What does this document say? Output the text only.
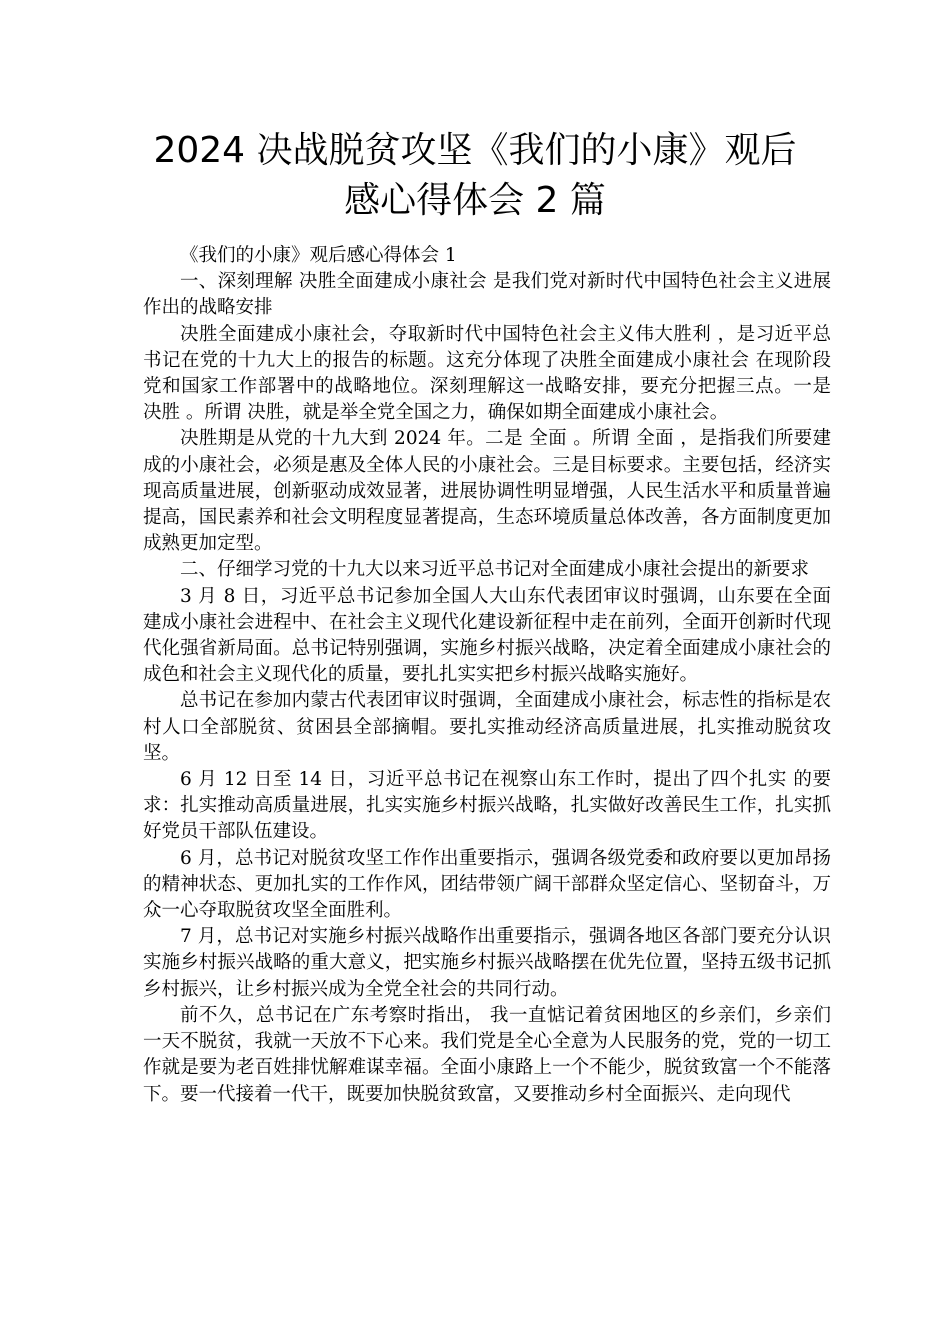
2024 决战脱贫攻坚《我们的小康》观后
感心得体会 2 篇

《我们的小康》观后感心得体会 1

一、深刻理解 决胜全面建成小康社会 是我们党对新时代中国特色社会主义进展作出的战略安排

决胜全面建成小康社会，夺取新时代中国特色社会主义伟大胜利 ，是习近平总书记在党的十九大上的报告的标题。这充分体现了决胜全面建成小康社会 在现阶段党和国家工作部署中的战略地位。深刻理解这一战略安排，要充分把握三点。一是 决胜 。所谓 决胜，就是举全党全国之力，确保如期全面建成小康社会。

决胜期是从党的十九大到 2024 年。二是 全面 。所谓 全面 ，是指我们所要建成的小康社会，必须是惠及全体人民的小康社会。三是目标要求。主要包括，经济实现高质量进展，创新驱动成效显著，进展协调性明显增强，人民生活水平和质量普遍提高，国民素养和社会文明程度显著提高，生态环境质量总体改善，各方面制度更加成熟更加定型。

二、仔细学习党的十九大以来习近平总书记对全面建成小康社会提出的新要求

3 月 8 日，习近平总书记参加全国人大山东代表团审议时强调，山东要在全面建成小康社会进程中、在社会主义现代化建设新征程中走在前列，全面开创新时代现代化强省新局面。总书记特别强调，实施乡村振兴战略，决定着全面建成小康社会的成色和社会主义现代化的质量，要扎扎实实把乡村振兴战略实施好。

总书记在参加内蒙古代表团审议时强调，全面建成小康社会，标志性的指标是农村人口全部脱贫、贫困县全部摘帽。要扎实推动经济高质量进展，扎实推动脱贫攻坚。

6 月 12 日至 14 日，习近平总书记在视察山东工作时，提出了四个扎实 的要求：扎实推动高质量进展，扎实实施乡村振兴战略，扎实做好改善民生工作，扎实抓好党员干部队伍建设。

6 月，总书记对脱贫攻坚工作作出重要指示，强调各级党委和政府要以更加昂扬的精神状态、更加扎实的工作作风，团结带领广阔干部群众坚定信心、坚韧奋斗，万众一心夺取脱贫攻坚全面胜利。

7 月，总书记对实施乡村振兴战略作出重要指示，强调各地区各部门要充分认识实施乡村振兴战略的重大意义，把实施乡村振兴战略摆在优先位置，坚持五级书记抓乡村振兴，让乡村振兴成为全党全社会的共同行动。

前不久，总书记在广东考察时指出， 我一直惦记着贫困地区的乡亲们，乡亲们一天不脱贫，我就一天放不下心来。我们党是全心全意为人民服务的党，党的一切工作就是要为老百姓排忧解难谋幸福。全面小康路上一个不能少，脱贫致富一个不能落下。要一代接着一代干，既要加快脱贫致富，又要推动乡村全面振兴、走向现代
